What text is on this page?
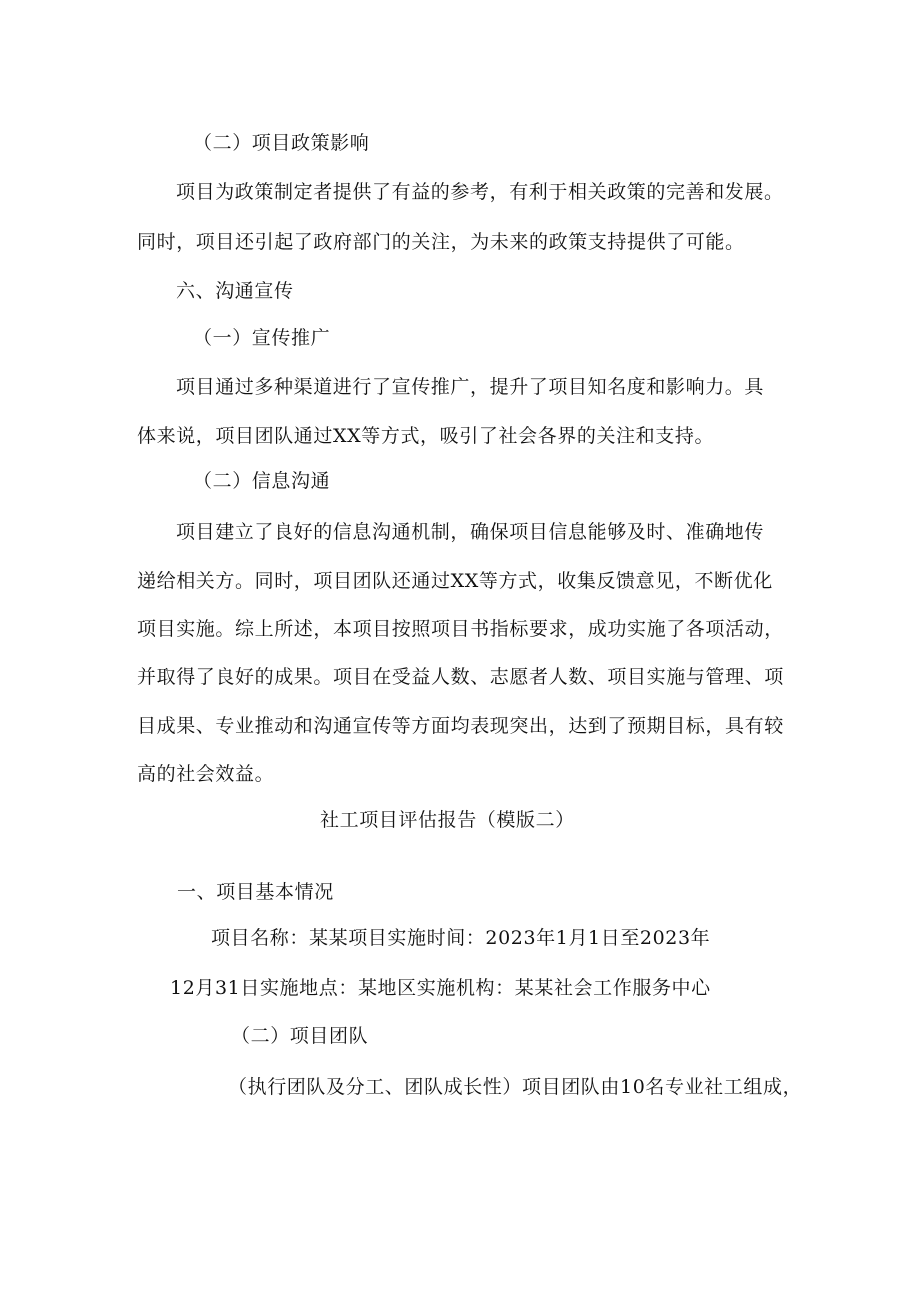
（二）项目政策影响
项目为政策制定者提供了有益的参考，有利于相关政策的完善和发展。
同时，项目还引起了政府部门的关注，为未来的政策支持提供了可能。
六、沟通宣传
（一）宣传推广
项目通过多种渠道进行了宣传推广，提升了项目知名度和影响力。具
体来说，项目团队通过XX等方式，吸引了社会各界的关注和支持。
（二）信息沟通
项目建立了良好的信息沟通机制，确保项目信息能够及时、准确地传
递给相关方。同时，项目团队还通过XX等方式，收集反馈意见，不断优化
项目实施。综上所述，本项目按照项目书指标要求，成功实施了各项活动，
并取得了良好的成果。项目在受益人数、志愿者人数、项目实施与管理、项
目成果、专业推动和沟通宣传等方面均表现突出，达到了预期目标，具有较
高的社会效益。
社工项目评估报告（模版二）
一、项目基本情况
项目名称：某某项目实施时间：2023年1月1日至2023年
12月31日实施地点：某地区实施机构：某某社会工作服务中心
（二）项目团队
（执行团队及分工、团队成长性）项目团队由10名专业社工组成，
